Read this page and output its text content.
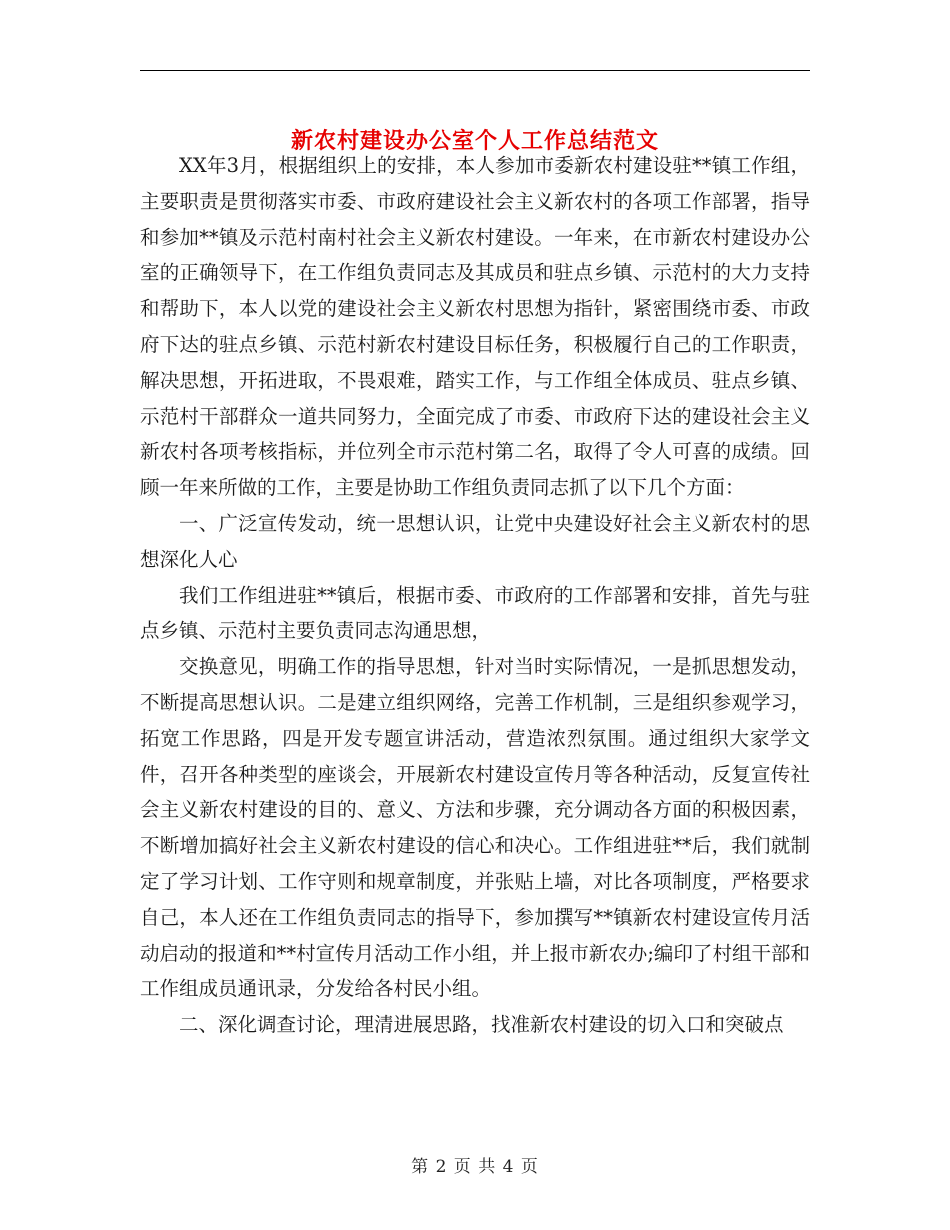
新农村建设办公室个人工作总结范文

XX年3月，根据组织上的安排，本人参加市委新农村建设驻**镇工作组，主要职责是贯彻落实市委、市政府建设社会主义新农村的各项工作部署，指导和参加**镇及示范村南村社会主义新农村建设。一年来，在市新农村建设办公室的正确领导下，在工作组负责同志及其成员和驻点乡镇、示范村的大力支持和帮助下，本人以党的建设社会主义新农村思想为指针，紧密围绕市委、市政府下达的驻点乡镇、示范村新农村建设目标任务，积极履行自己的工作职责，解决思想，开拓进取，不畏艰难，踏实工作，与工作组全体成员、驻点乡镇、示范村干部群众一道共同努力，全面完成了市委、市政府下达的建设社会主义新农村各项考核指标，并位列全市示范村第二名，取得了令人可喜的成绩。回顾一年来所做的工作，主要是协助工作组负责同志抓了以下几个方面：

一、广泛宣传发动，统一思想认识，让党中央建设好社会主义新农村的思想深化人心

我们工作组进驻**镇后，根据市委、市政府的工作部署和安排，首先与驻点乡镇、示范村主要负责同志沟通思想，

交换意见，明确工作的指导思想，针对当时实际情况，一是抓思想发动，不断提高思想认识。二是建立组织网络，完善工作机制，三是组织参观学习，拓宽工作思路，四是开发专题宣讲活动，营造浓烈氛围。通过组织大家学文件，召开各种类型的座谈会，开展新农村建设宣传月等各种活动，反复宣传社会主义新农村建设的目的、意义、方法和步骤，充分调动各方面的积极因素，不断增加搞好社会主义新农村建设的信心和决心。工作组进驻**后，我们就制定了学习计划、工作守则和规章制度，并张贴上墙，对比各项制度，严格要求自己，本人还在工作组负责同志的指导下，参加撰写**镇新农村建设宣传月活动启动的报道和**村宣传月活动工作小组，并上报市新农办;编印了村组干部和工作组成员通讯录，分发给各村民小组。

二、深化调查讨论，理清进展思路，找准新农村建设的切入口和突破点

第 2 页 共 4 页
